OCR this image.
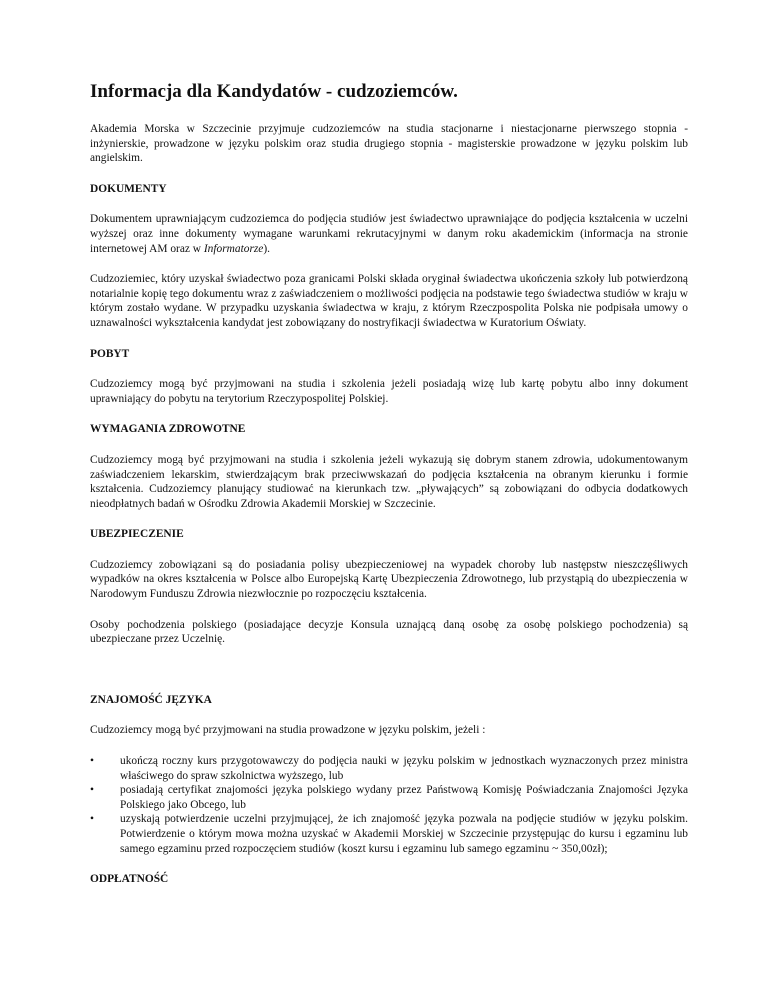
Informacja dla Kandydatów - cudzoziemców.

Akademia Morska w Szczecinie przyjmuje cudzoziemców na studia stacjonarne i niestacjonarne pierwszego stopnia - inżynierskie, prowadzone w języku polskim oraz studia drugiego stopnia - magisterskie prowadzone w języku polskim lub angielskim.

DOKUMENTY

Dokumentem uprawniającym cudzoziemca do podjęcia studiów jest świadectwo uprawniające do podjęcia kształcenia w uczelni wyższej oraz inne dokumenty wymagane warunkami rekrutacyjnymi w danym roku akademickim (informacja na stronie internetowej AM oraz w Informatorze).

Cudzoziemiec, który uzyskał świadectwo poza granicami Polski składa oryginał świadectwa ukończenia szkoły lub potwierdzoną notarialnie kopię tego dokumentu wraz z zaświadczeniem o możliwości podjęcia na podstawie tego świadectwa studiów w kraju w którym zostało wydane. W przypadku uzyskania świadectwa w kraju, z którym Rzeczpospolita Polska nie podpisała umowy o uznawalności wykształcenia kandydat jest zobowiązany do nostryfikacji świadectwa w Kuratorium Oświaty.

POBYT

Cudzoziemcy mogą być przyjmowani na studia i szkolenia jeżeli posiadają wizę lub kartę pobytu albo inny dokument uprawniający do pobytu na terytorium Rzeczypospolitej Polskiej.

WYMAGANIA ZDROWOTNE

Cudzoziemcy mogą być przyjmowani na studia i szkolenia jeżeli wykazują się dobrym stanem zdrowia, udokumentowanym zaświadczeniem lekarskim, stwierdzającym brak przeciwwskazań do podjęcia kształcenia na obranym kierunku i formie kształcenia. Cudzoziemcy planujący studiować na kierunkach tzw. „pływających” są zobowiązani do odbycia dodatkowych nieodpłatnych badań w Ośrodku Zdrowia Akademii Morskiej w Szczecinie.

UBEZPIECZENIE

Cudzoziemcy zobowiązani są do posiadania polisy ubezpieczeniowej na wypadek choroby lub następstw nieszczęśliwych wypadków na okres kształcenia w Polsce albo Europejską Kartę Ubezpieczenia Zdrowotnego, lub przystąpią do ubezpieczenia w Narodowym Funduszu Zdrowia niezwłocznie po rozpoczęciu kształcenia.

Osoby pochodzenia polskiego (posiadające decyzje Konsula uznającą daną osobę za osobę polskiego pochodzenia) są ubezpieczane przez Uczelnię.

ZNAJOMOŚĆ JĘZYKA

Cudzoziemcy mogą być przyjmowani na studia prowadzone w języku polskim, jeżeli :

•	ukończą roczny kurs przygotowawczy do podjęcia nauki w języku polskim w jednostkach wyznaczonych przez ministra właściwego do spraw szkolnictwa wyższego, lub
•	posiadają certyfikat znajomości języka polskiego wydany przez Państwową Komisję Poświadczania Znajomości Języka Polskiego jako Obcego, lub
•	uzyskają potwierdzenie uczelni przyjmującej, że ich znajomość języka pozwala na podjęcie studiów w języku polskim. Potwierdzenie o którym mowa można uzyskać w Akademii Morskiej w Szczecinie przystępując do kursu i egzaminu lub samego egzaminu przed rozpoczęciem studiów (koszt kursu i egzaminu lub samego egzaminu ~ 350,00zł);
ODPŁATNOŚĆ
